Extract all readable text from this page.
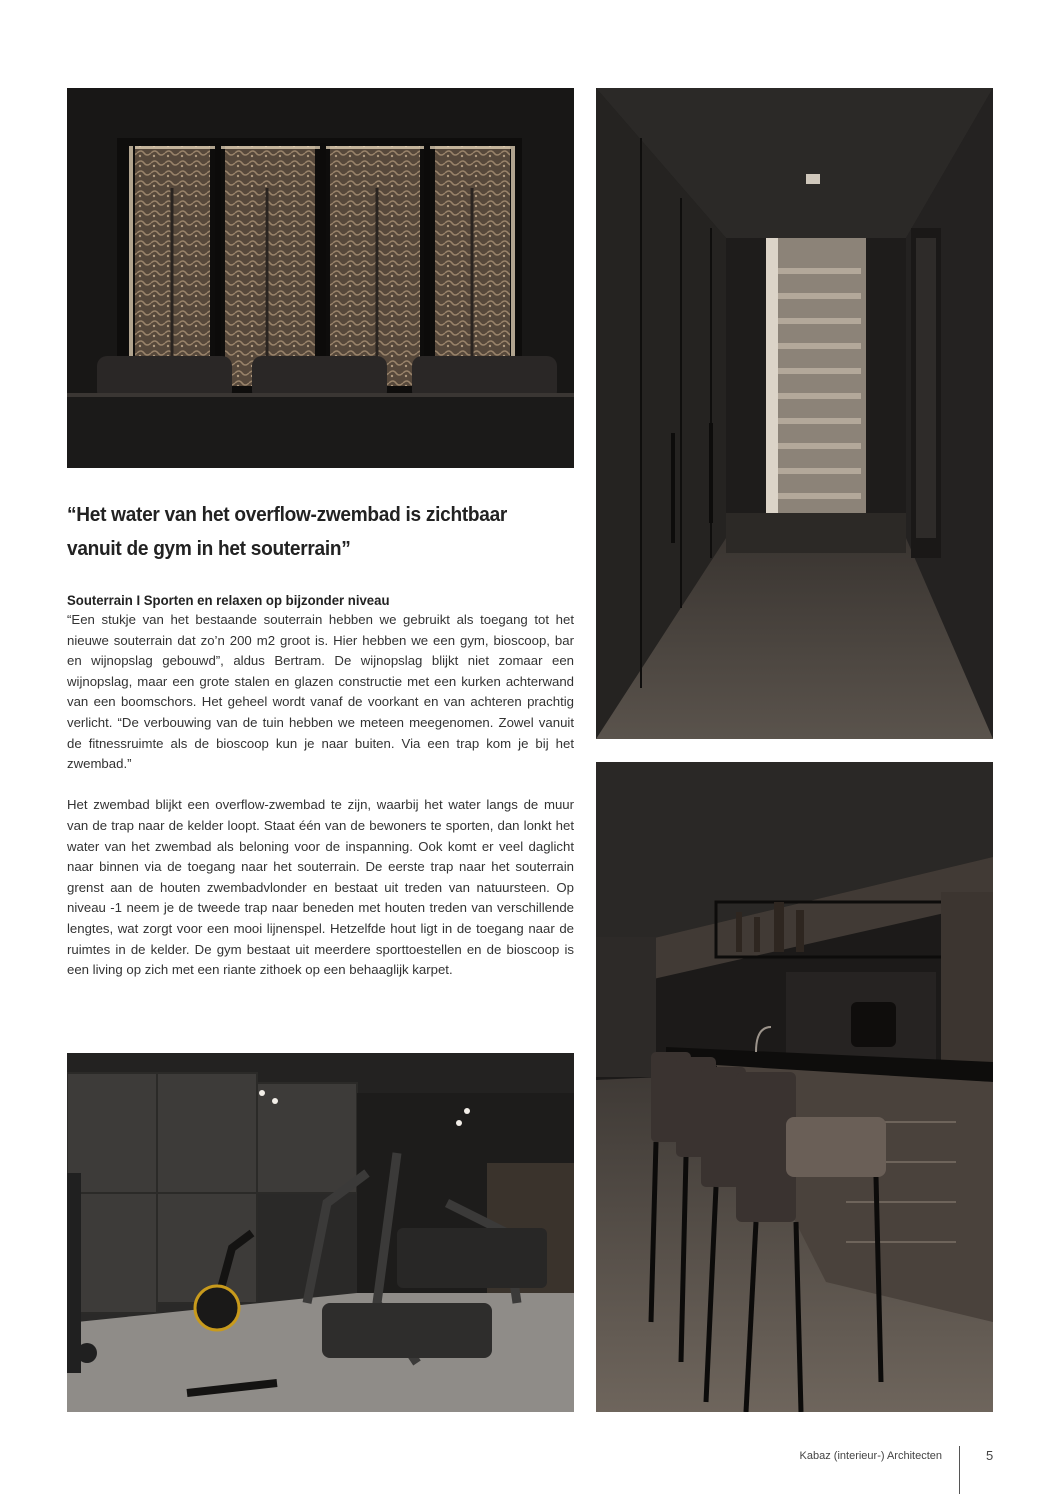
“Het water van het overflow-zwembad is zichtbaar
vanuit de gym in het souterrain”

Souterrain I Sporten en relaxen op bijzonder niveau

“Een stukje van het bestaande souterrain hebben we gebruikt als toegang tot het nieuwe souterrain dat zo’n 200 m2 groot is. Hier hebben we een gym, bioscoop, bar en wijnopslag gebouwd”, aldus Bertram. De wijnopslag blijkt niet zomaar een wijnopslag, maar een grote stalen en glazen constructie met een kurken achterwand van een boomschors. Het geheel wordt vanaf de voorkant en van achteren prachtig verlicht. “De verbouwing van de tuin hebben we meteen meegenomen. Zowel vanuit de fitnessruimte als de bioscoop kun je naar buiten. Via een trap kom je bij het zwembad.”

Het zwembad blijkt een overflow-zwembad te zijn, waarbij het water langs de muur van de trap naar de kelder loopt. Staat één van de bewoners te sporten, dan lonkt het water van het zwembad als beloning voor de inspanning. Ook komt er veel daglicht naar binnen via de toegang naar het souterrain. De eerste trap naar het souterrain grenst aan de houten zwembadvlonder en bestaat uit treden van natuursteen. Op niveau -1 neem je de tweede trap naar beneden met houten treden van verschillende lengtes, wat zorgt voor een mooi lijnenspel. Hetzelfde hout ligt in de toegang naar de ruimtes in de kelder. De gym bestaat uit meerdere sporttoestellen en de bioscoop is een living op zich met een riante zithoek op een behaaglijk karpet.

Kabaz (interieur-) Architecten	5
